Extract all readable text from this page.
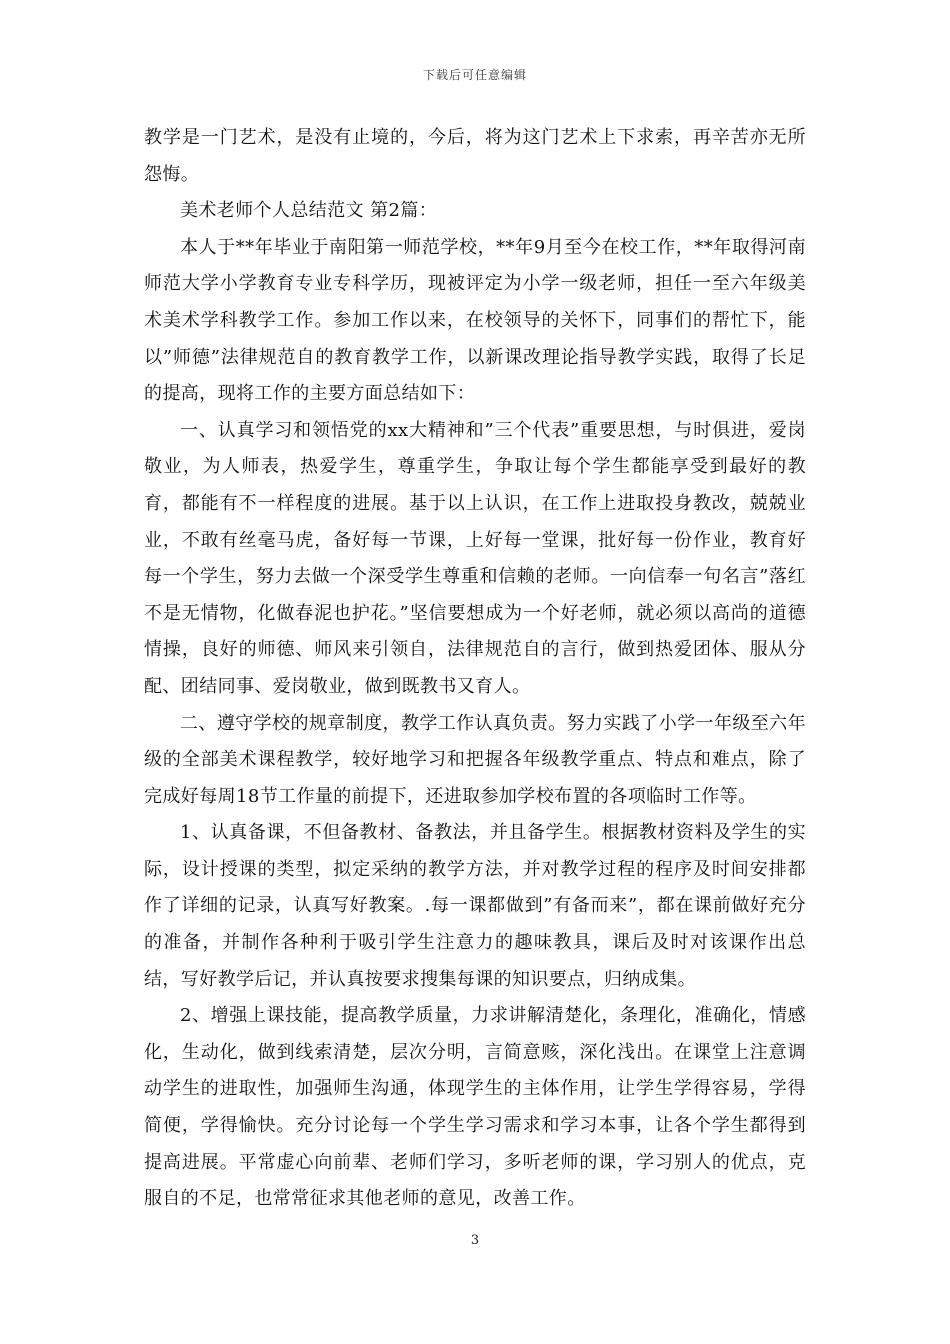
下载后可任意编辑

教学是一门艺术，是没有止境的，今后，将为这门艺术上下求索，再辛苦亦无所怨悔。

美术老师个人总结范文 第2篇：

本人于**年毕业于南阳第一师范学校，**年9月至今在校工作，**年取得河南师范大学小学教育专业专科学历，现被评定为小学一级老师，担任一至六年级美术美术学科教学工作。参加工作以来，在校领导的关怀下，同事们的帮忙下，能以”师德”法律规范自的教育教学工作，以新课改理论指导教学实践，取得了长足的提高，现将工作的主要方面总结如下：

一、认真学习和领悟党的xx大精神和”三个代表”重要思想，与时俱进，爱岗敬业，为人师表，热爱学生，尊重学生，争取让每个学生都能享受到最好的教育，都能有不一样程度的进展。基于以上认识，在工作上进取投身教改，兢兢业业，不敢有丝毫马虎，备好每一节课，上好每一堂课，批好每一份作业，教育好每一个学生，努力去做一个深受学生尊重和信赖的老师。一向信奉一句名言”落红不是无情物，化做春泥也护花。”坚信要想成为一个好老师，就必须以高尚的道德情操，良好的师德、师风来引领自，法律规范自的言行，做到热爱团体、服从分配、团结同事、爱岗敬业，做到既教书又育人。

二、遵守学校的规章制度，教学工作认真负责。努力实践了小学一年级至六年级的全部美术课程教学，较好地学习和把握各年级教学重点、特点和难点，除了完成好每周18节工作量的前提下，还进取参加学校布置的各项临时工作等。

1、认真备课，不但备教材、备教法，并且备学生。根据教材资料及学生的实际，设计授课的类型，拟定采纳的教学方法，并对教学过程的程序及时间安排都作了详细的记录，认真写好教案。.每一课都做到”有备而来”，都在课前做好充分的准备，并制作各种利于吸引学生注意力的趣味教具，课后及时对该课作出总结，写好教学后记，并认真按要求搜集每课的知识要点，归纳成集。

2、增强上课技能，提高教学质量，力求讲解清楚化，条理化，准确化，情感化，生动化，做到线索清楚，层次分明，言简意赅，深化浅出。在课堂上注意调动学生的进取性，加强师生沟通，体现学生的主体作用，让学生学得容易，学得简便，学得愉快。充分讨论每一个学生学习需求和学习本事，让各个学生都得到提高进展。平常虚心向前辈、老师们学习，多听老师的课，学习别人的优点，克服自的不足，也常常征求其他老师的意见，改善工作。

3
